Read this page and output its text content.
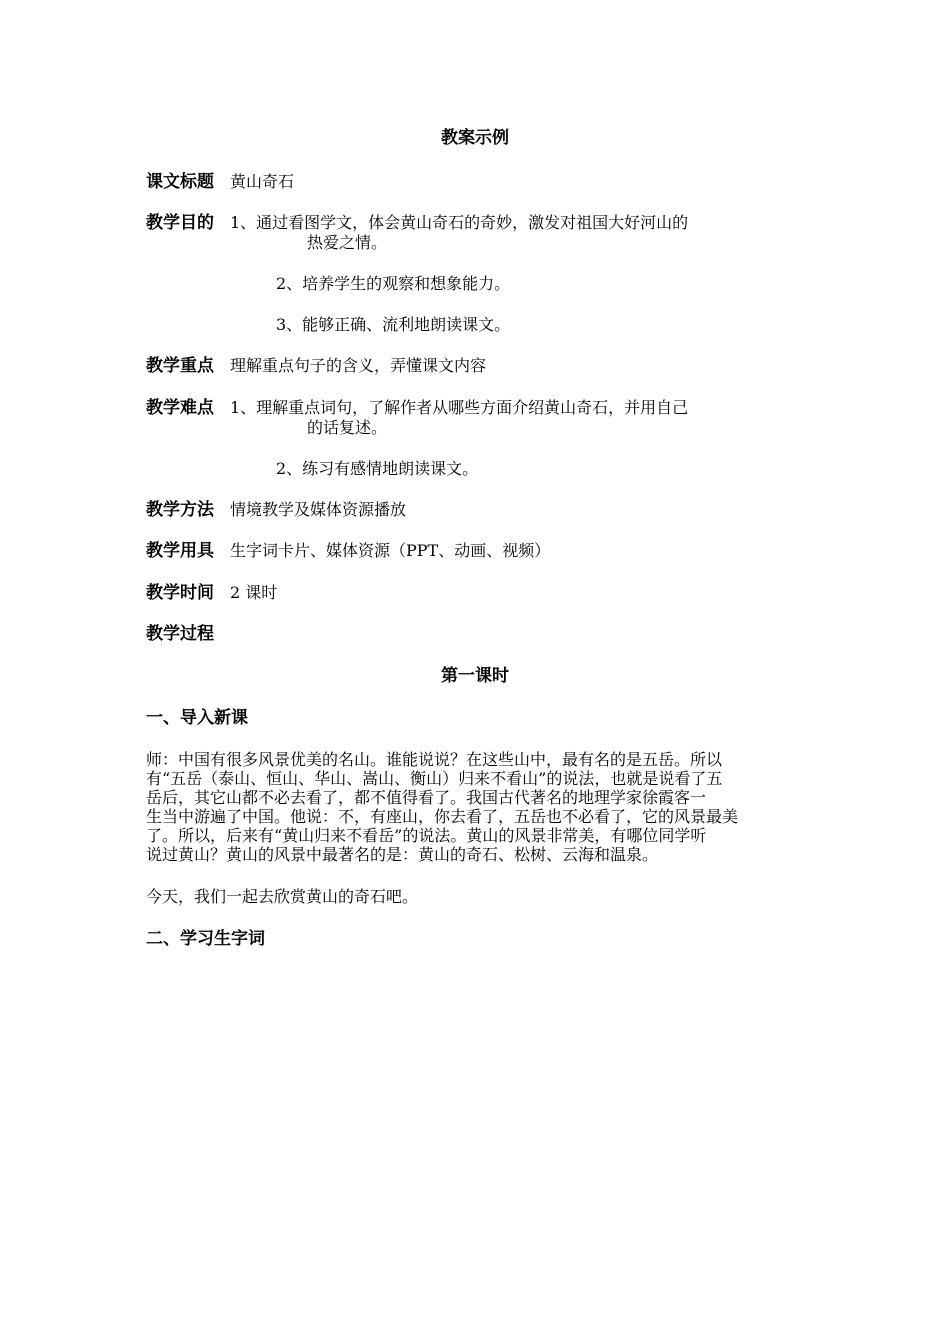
教案示例
课文标题 黄山奇石
教学目的 1、通过看图学文，体会黄山奇石的奇妙，激发对祖国大好河山的
热爱之情。
2、培养学生的观察和想象能力。
3、能够正确、流利地朗读课文。
教学重点 理解重点句子的含义，弄懂课文内容
教学难点 1、理解重点词句，了解作者从哪些方面介绍黄山奇石，并用自己
的话复述。
2、练习有感情地朗读课文。
教学方法 情境教学及媒体资源播放
教学用具 生字词卡片、媒体资源（PPT、动画、视频）
教学时间 2 课时
教学过程
第一课时
一、导入新课
师：中国有很多风景优美的名山。谁能说说？在这些山中，最有名的是五岳。所以
有“五岳（泰山、恒山、华山、嵩山、衡山）归来不看山”的说法，也就是说看了五
岳后，其它山都不必去看了，都不值得看了。我国古代著名的地理学家徐霞客一
生当中游遍了中国。他说：不，有座山，你去看了，五岳也不必看了，它的风景最美
了。所以，后来有“黄山归来不看岳”的说法。黄山的风景非常美，有哪位同学听
说过黄山？黄山的风景中最著名的是：黄山的奇石、松树、云海和温泉。
今天，我们一起去欣赏黄山的奇石吧。
二、学习生字词
